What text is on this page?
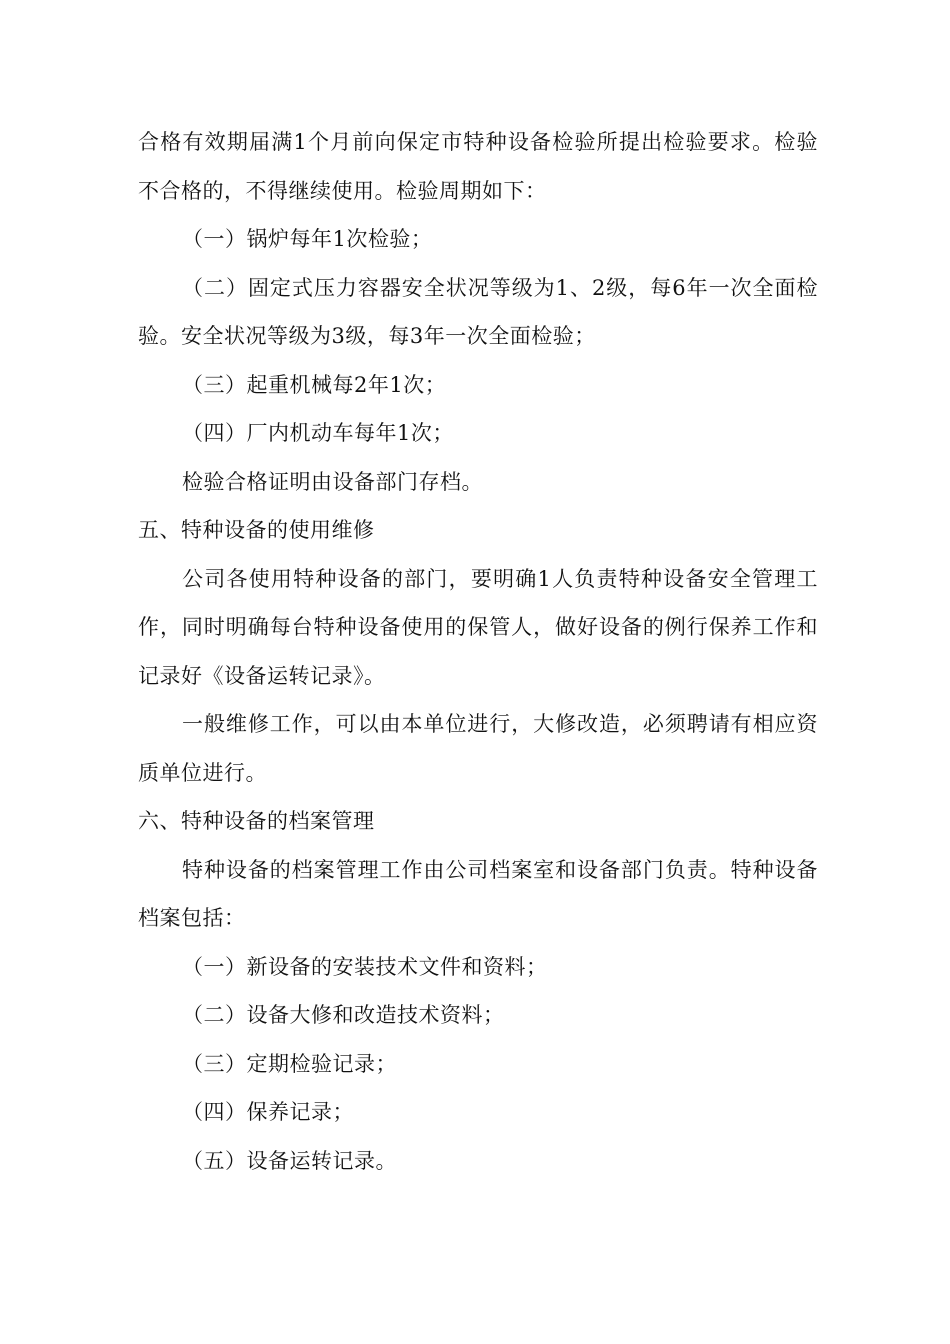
合格有效期届满1个月前向保定市特种设备检验所提出检验要求。检验不合格的，不得继续使用。检验周期如下：

（一）锅炉每年1次检验；

（二）固定式压力容器安全状况等级为1、2级，每6年一次全面检验。安全状况等级为3级，每3年一次全面检验；

（三）起重机械每2年1次；

（四）厂内机动车每年1次；

检验合格证明由设备部门存档。

五、特种设备的使用维修

公司各使用特种设备的部门，要明确1人负责特种设备安全管理工作，同时明确每台特种设备使用的保管人，做好设备的例行保养工作和记录好《设备运转记录》。

一般维修工作，可以由本单位进行，大修改造，必须聘请有相应资质单位进行。

六、特种设备的档案管理

特种设备的档案管理工作由公司档案室和设备部门负责。特种设备档案包括：

（一）新设备的安装技术文件和资料；

（二）设备大修和改造技术资料；

（三）定期检验记录；

（四）保养记录；

（五）设备运转记录。
